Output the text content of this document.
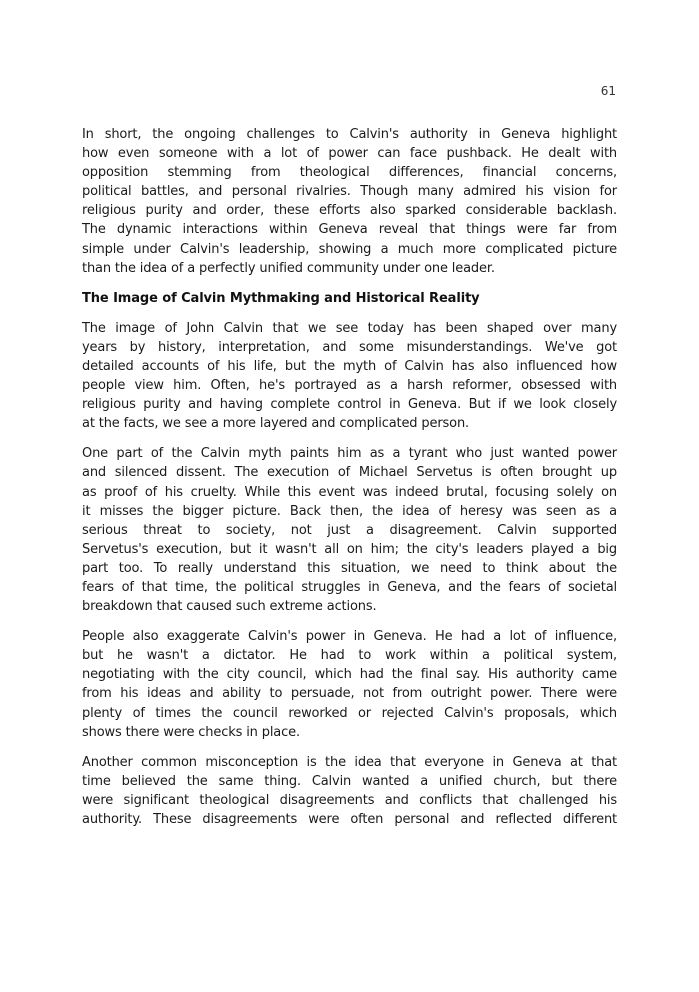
61
In short, the ongoing challenges to Calvin's authority in Geneva highlight
how even someone with a lot of power can face pushback. He dealt with
opposition stemming from theological differences, financial concerns,
political battles, and personal rivalries. Though many admired his vision for
religious purity and order, these efforts also sparked considerable backlash.
The dynamic interactions within Geneva reveal that things were far from
simple under Calvin's leadership, showing a much more complicated picture
than the idea of a perfectly unified community under one leader.
The Image of Calvin Mythmaking and Historical Reality
The image of John Calvin that we see today has been shaped over many
years by history, interpretation, and some misunderstandings. We've got
detailed accounts of his life, but the myth of Calvin has also influenced how
people view him. Often, he's portrayed as a harsh reformer, obsessed with
religious purity and having complete control in Geneva. But if we look closely
at the facts, we see a more layered and complicated person.
One part of the Calvin myth paints him as a tyrant who just wanted power
and silenced dissent. The execution of Michael Servetus is often brought up
as proof of his cruelty. While this event was indeed brutal, focusing solely on
it misses the bigger picture. Back then, the idea of heresy was seen as a
serious threat to society, not just a disagreement. Calvin supported
Servetus's execution, but it wasn't all on him; the city's leaders played a big
part too. To really understand this situation, we need to think about the
fears of that time, the political struggles in Geneva, and the fears of societal
breakdown that caused such extreme actions.
People also exaggerate Calvin's power in Geneva. He had a lot of influence,
but he wasn't a dictator. He had to work within a political system,
negotiating with the city council, which had the final say. His authority came
from his ideas and ability to persuade, not from outright power. There were
plenty of times the council reworked or rejected Calvin's proposals, which
shows there were checks in place.
Another common misconception is the idea that everyone in Geneva at that
time believed the same thing. Calvin wanted a unified church, but there
were significant theological disagreements and conflicts that challenged his
authority. These disagreements were often personal and reflected different
